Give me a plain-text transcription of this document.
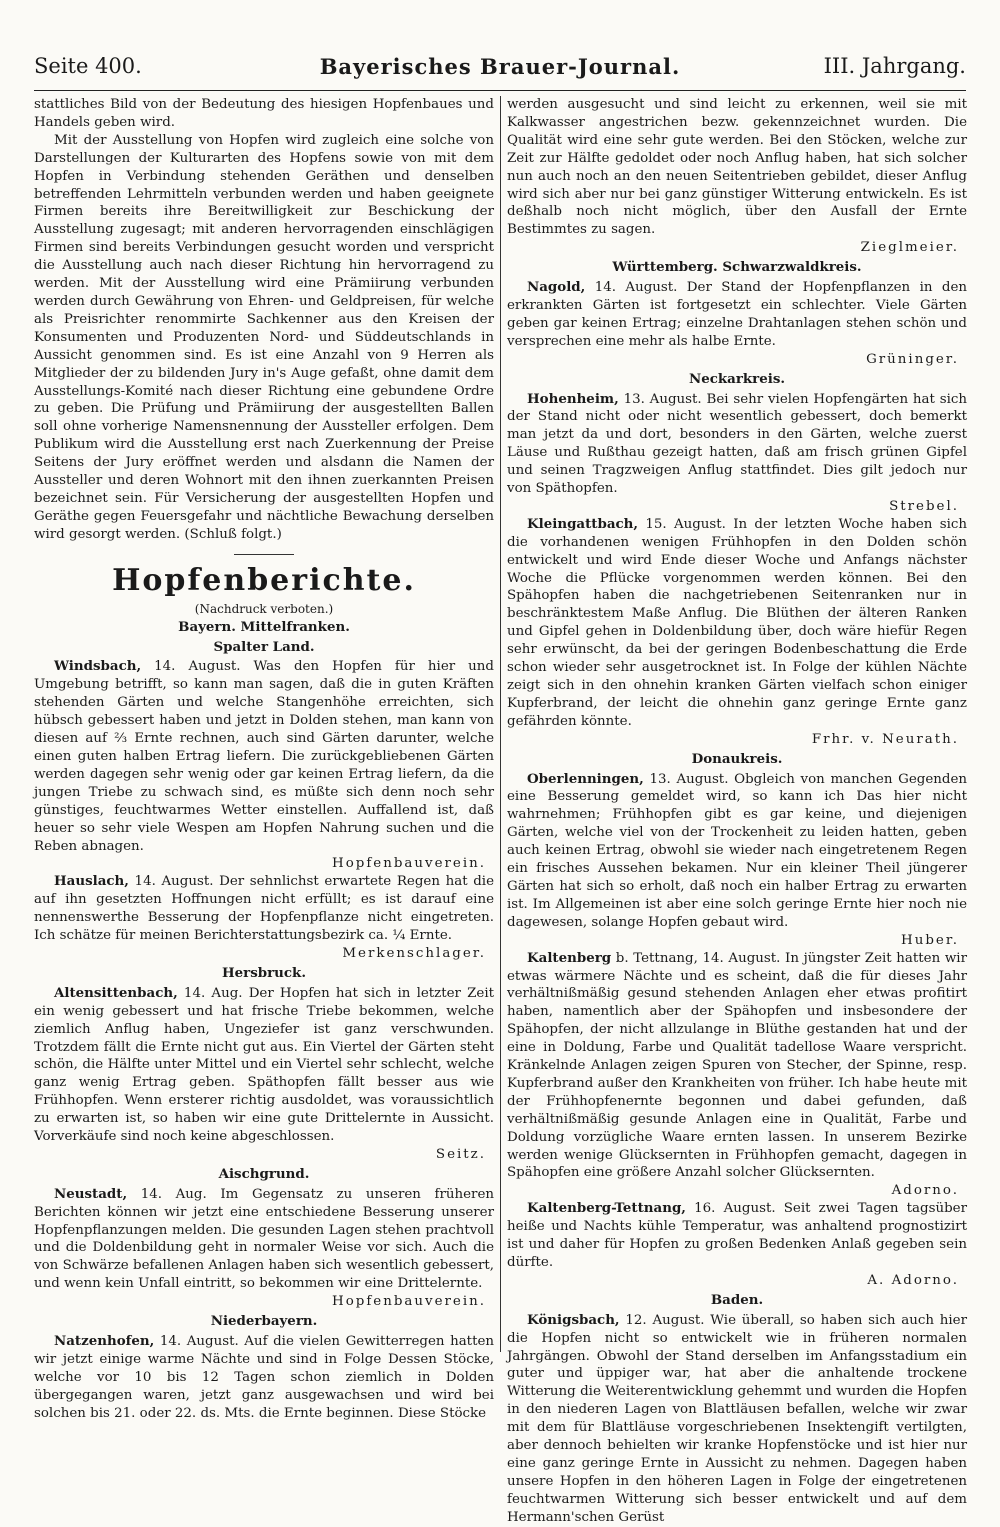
Seite 400.	Bayerisches Brauer-Journal.	III. Jahrgang.

stattliches Bild von der Bedeutung des hiesigen Hopfenbaues und Handels geben wird.

Mit der Ausstellung von Hopfen wird zugleich eine solche von Darstellungen der Kulturarten des Hopfens sowie von mit dem Hopfen in Verbindung stehenden Geräthen und denselben betreffenden Lehrmitteln verbunden werden und haben geeignete Firmen bereits ihre Bereitwilligkeit zur Beschickung der Ausstellung zugesagt; mit anderen hervorragenden einschlägigen Firmen sind bereits Verbindungen gesucht worden und verspricht die Ausstellung auch nach dieser Richtung hin hervorragend zu werden. Mit der Ausstellung wird eine Prämiirung verbunden werden durch Gewährung von Ehren- und Geldpreisen, für welche als Preisrichter renommirte Sachkenner aus den Kreisen der Konsumenten und Produzenten Nord- und Süddeutschlands in Aussicht genommen sind. Es ist eine Anzahl von 9 Herren als Mitglieder der zu bildenden Jury in's Auge gefaßt, ohne damit dem Ausstellungs-Komité nach dieser Richtung eine gebundene Ordre zu geben. Die Prüfung und Prämiirung der ausgestellten Ballen soll ohne vorherige Namensnennung der Aussteller erfolgen. Dem Publikum wird die Ausstellung erst nach Zuerkennung der Preise Seitens der Jury eröffnet werden und alsdann die Namen der Aussteller und deren Wohnort mit den ihnen zuerkannten Preisen bezeichnet sein. Für Versicherung der ausgestellten Hopfen und Geräthe gegen Feuersgefahr und nächtliche Bewachung derselben wird gesorgt werden. (Schluß folgt.)

Hopfenberichte.
(Nachdruck verboten.)
Bayern. Mittelfranken.
Spalter Land.

Windsbach, 14. August. Was den Hopfen für hier und Umgebung betrifft, so kann man sagen, daß die in guten Kräften stehenden Gärten und welche Stangenhöhe erreichten, sich hübsch gebessert haben und jetzt in Dolden stehen, man kann von diesen auf ⅔ Ernte rechnen, auch sind Gärten darunter, welche einen guten halben Ertrag liefern. Die zurückgebliebenen Gärten werden dagegen sehr wenig oder gar keinen Ertrag liefern, da die jungen Triebe zu schwach sind, es müßte sich denn noch sehr günstiges, feuchtwarmes Wetter einstellen. Auffallend ist, daß heuer so sehr viele Wespen am Hopfen Nahrung suchen und die Reben abnagen.

Hopfenbauverein.

Hauslach, 14. August. Der sehnlichst erwartete Regen hat die auf ihn gesetzten Hoffnungen nicht erfüllt; es ist darauf eine nennenswerthe Besserung der Hopfenpflanze nicht eingetreten. Ich schätze für meinen Berichterstattungsbezirk ca. ¼ Ernte.

Merkenschlager.
Hersbruck.

Altensittenbach, 14. Aug. Der Hopfen hat sich in letzter Zeit ein wenig gebessert und hat frische Triebe bekommen, welche ziemlich Anflug haben, Ungeziefer ist ganz verschwunden. Trotzdem fällt die Ernte nicht gut aus. Ein Viertel der Gärten steht schön, die Hälfte unter Mittel und ein Viertel sehr schlecht, welche ganz wenig Ertrag geben. Späthopfen fällt besser aus wie Frühhopfen. Wenn ersterer richtig ausdoldet, was voraussichtlich zu erwarten ist, so haben wir eine gute Drittelernte in Aussicht. Vorverkäufe sind noch keine abgeschlossen.

Seitz.
Aischgrund.

Neustadt, 14. Aug. Im Gegensatz zu unseren früheren Berichten können wir jetzt eine entschiedene Besserung unserer Hopfenpflanzungen melden. Die gesunden Lagen stehen prachtvoll und die Doldenbildung geht in normaler Weise vor sich. Auch die von Schwärze befallenen Anlagen haben sich wesentlich gebessert, und wenn kein Unfall eintritt, so bekommen wir eine Drittelernte.

Hopfenbauverein.
Niederbayern.

Natzenhofen, 14. August. Auf die vielen Gewitterregen hatten wir jetzt einige warme Nächte und sind in Folge Dessen Stöcke, welche vor 10 bis 12 Tagen schon ziemlich in Dolden übergegangen waren, jetzt ganz ausgewachsen und wird bei solchen bis 21. oder 22. ds. Mts. die Ernte beginnen. Diese Stöcke

werden ausgesucht und sind leicht zu erkennen, weil sie mit Kalkwasser angestrichen bezw. gekennzeichnet wurden. Die Qualität wird eine sehr gute werden. Bei den Stöcken, welche zur Zeit zur Hälfte gedoldet oder noch Anflug haben, hat sich solcher nun auch noch an den neuen Seitentrieben gebildet, dieser Anflug wird sich aber nur bei ganz günstiger Witterung entwickeln. Es ist deßhalb noch nicht möglich, über den Ausfall der Ernte Bestimmtes zu sagen.

Zieglmeier.
Württemberg. Schwarzwaldkreis.

Nagold, 14. August. Der Stand der Hopfenpflanzen in den erkrankten Gärten ist fortgesetzt ein schlechter. Viele Gärten geben gar keinen Ertrag; einzelne Drahtanlagen stehen schön und versprechen eine mehr als halbe Ernte.

Grüninger.
Neckarkreis.

Hohenheim, 13. August. Bei sehr vielen Hopfengärten hat sich der Stand nicht oder nicht wesentlich gebessert, doch bemerkt man jetzt da und dort, besonders in den Gärten, welche zuerst Läuse und Rußthau gezeigt hatten, daß am frisch grünen Gipfel und seinen Tragzweigen Anflug stattfindet. Dies gilt jedoch nur von Späthopfen.

Strebel.

Kleingattbach, 15. August. In der letzten Woche haben sich die vorhandenen wenigen Frühhopfen in den Dolden schön entwickelt und wird Ende dieser Woche und Anfangs nächster Woche die Pflücke vorgenommen werden können. Bei den Spähopfen haben die nachgetriebenen Seitenranken nur in beschränktestem Maße Anflug. Die Blüthen der älteren Ranken und Gipfel gehen in Doldenbildung über, doch wäre hiefür Regen sehr erwünscht, da bei der geringen Bodenbeschattung die Erde schon wieder sehr ausgetrocknet ist. In Folge der kühlen Nächte zeigt sich in den ohnehin kranken Gärten vielfach schon einiger Kupferbrand, der leicht die ohnehin ganz geringe Ernte ganz gefährden könnte.

Frhr. v. Neurath.
Donaukreis.

Oberlenningen, 13. August. Obgleich von manchen Gegenden eine Besserung gemeldet wird, so kann ich Das hier nicht wahrnehmen; Frühhopfen gibt es gar keine, und diejenigen Gärten, welche viel von der Trockenheit zu leiden hatten, geben auch keinen Ertrag, obwohl sie wieder nach eingetretenem Regen ein frisches Aussehen bekamen. Nur ein kleiner Theil jüngerer Gärten hat sich so erholt, daß noch ein halber Ertrag zu erwarten ist. Im Allgemeinen ist aber eine solch geringe Ernte hier noch nie dagewesen, solange Hopfen gebaut wird.

Huber.

Kaltenberg b. Tettnang, 14. August. In jüngster Zeit hatten wir etwas wärmere Nächte und es scheint, daß die für dieses Jahr verhältnißmäßig gesund stehenden Anlagen eher etwas profitirt haben, namentlich aber der Spähopfen und insbesondere der Spähopfen, der nicht allzulange in Blüthe gestanden hat und der eine in Doldung, Farbe und Qualität tadellose Waare verspricht. Kränkelnde Anlagen zeigen Spuren von Stecher, der Spinne, resp. Kupferbrand außer den Krankheiten von früher. Ich habe heute mit der Frühhopfenernte begonnen und dabei gefunden, daß verhältnißmäßig gesunde Anlagen eine in Qualität, Farbe und Doldung vorzügliche Waare ernten lassen. In unserem Bezirke werden wenige Glücksernten in Frühhopfen gemacht, dagegen in Spähopfen eine größere Anzahl solcher Glücksernten.

Adorno.

Kaltenberg-Tettnang, 16. August. Seit zwei Tagen tagsüber heiße und Nachts kühle Temperatur, was anhaltend prognostizirt ist und daher für Hopfen zu großen Bedenken Anlaß gegeben sein dürfte.

A. Adorno.
Baden.

Königsbach, 12. August. Wie überall, so haben sich auch hier die Hopfen nicht so entwickelt wie in früheren normalen Jahrgängen. Obwohl der Stand derselben im Anfangsstadium ein guter und üppiger war, hat aber die anhaltende trockene Witterung die Weiterentwicklung gehemmt und wurden die Hopfen in den niederen Lagen von Blattläusen befallen, welche wir zwar mit dem für Blattläuse vorgeschriebenen Insektengift vertilgten, aber dennoch behielten wir kranke Hopfenstöcke und ist hier nur eine ganz geringe Ernte in Aussicht zu nehmen. Dagegen haben unsere Hopfen in den höheren Lagen in Folge der eingetretenen feuchtwarmen Witterung sich besser entwickelt und auf dem Hermann'schen Gerüst
